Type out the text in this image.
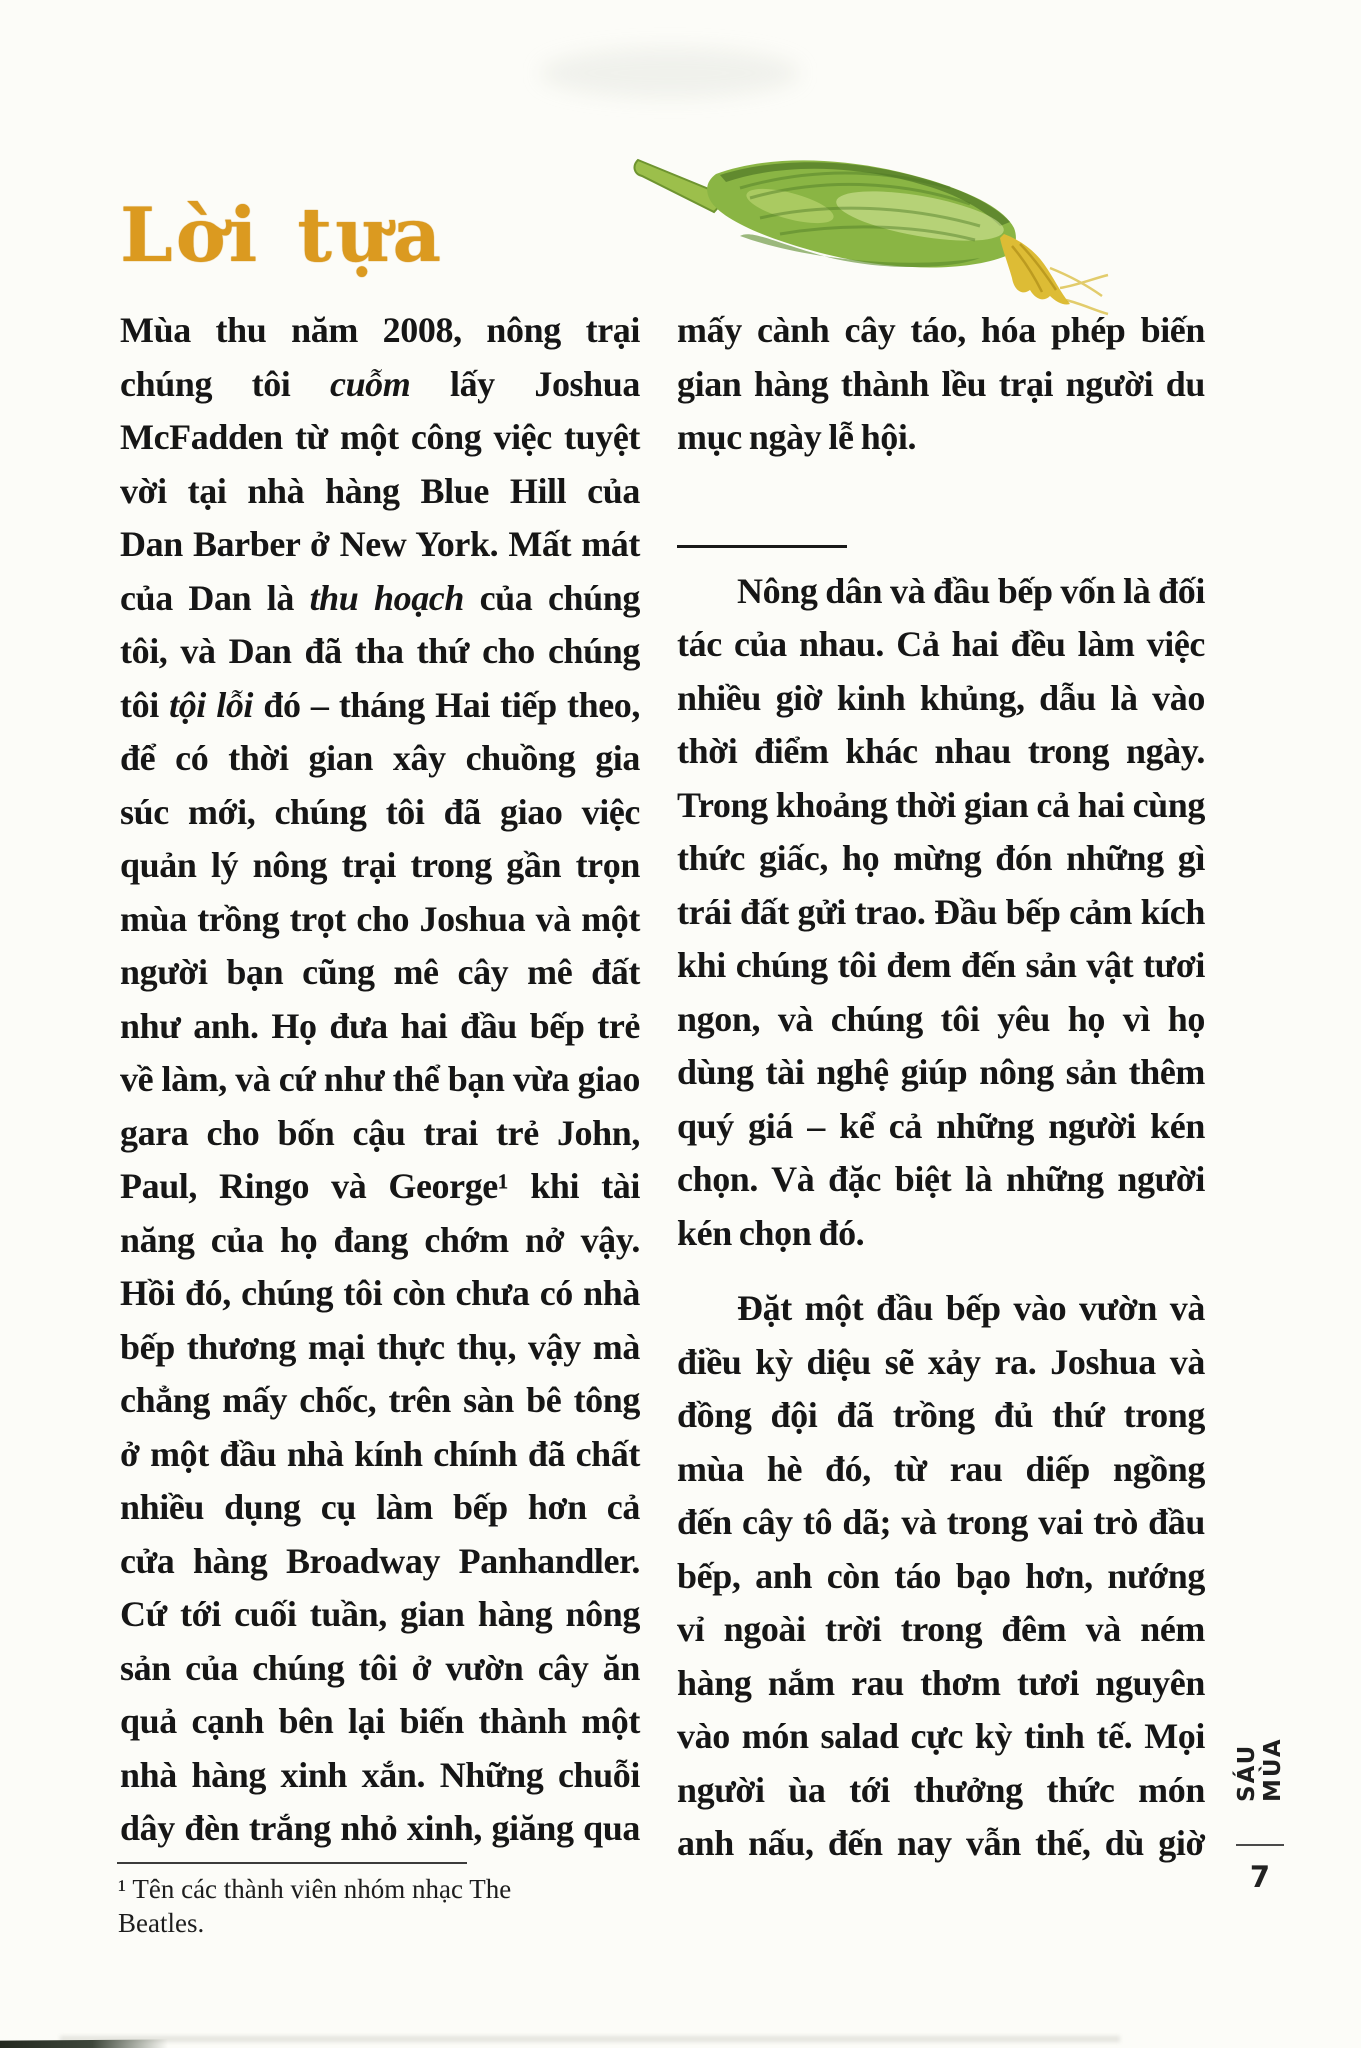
Lời tựa
Mùa thu năm 2008, nông trại
chúng tôi cuỗm lấy Joshua
McFadden từ một công việc tuyệt
vời tại nhà hàng Blue Hill của
Dan Barber ở New York. Mất mát
của Dan là thu hoạch của chúng
tôi, và Dan đã tha thứ cho chúng
tôi tội lỗi đó – tháng Hai tiếp theo,
để có thời gian xây chuồng gia
súc mới, chúng tôi đã giao việc
quản lý nông trại trong gần trọn
mùa trồng trọt cho Joshua và một
người bạn cũng mê cây mê đất
như anh. Họ đưa hai đầu bếp trẻ
về làm, và cứ như thể bạn vừa giao
gara cho bốn cậu trai trẻ John,
Paul, Ringo và George¹ khi tài
năng của họ đang chớm nở vậy.
Hồi đó, chúng tôi còn chưa có nhà
bếp thương mại thực thụ, vậy mà
chẳng mấy chốc, trên sàn bê tông
ở một đầu nhà kính chính đã chất
nhiều dụng cụ làm bếp hơn cả
cửa hàng Broadway Panhandler.
Cứ tới cuối tuần, gian hàng nông
sản của chúng tôi ở vườn cây ăn
quả cạnh bên lại biến thành một
nhà hàng xinh xắn. Những chuỗi
dây đèn trắng nhỏ xinh, giăng qua
mấy cành cây táo, hóa phép biến
gian hàng thành lều trại người du
mục ngày lễ hội.
Nông dân và đầu bếp vốn là đối
tác của nhau. Cả hai đều làm việc
nhiều giờ kinh khủng, dẫu là vào
thời điểm khác nhau trong ngày.
Trong khoảng thời gian cả hai cùng
thức giấc, họ mừng đón những gì
trái đất gửi trao. Đầu bếp cảm kích
khi chúng tôi đem đến sản vật tươi
ngon, và chúng tôi yêu họ vì họ
dùng tài nghệ giúp nông sản thêm
quý giá – kể cả những người kén
chọn. Và đặc biệt là những người
kén chọn đó.
Đặt một đầu bếp vào vườn và
điều kỳ diệu sẽ xảy ra. Joshua và
đồng đội đã trồng đủ thứ trong
mùa hè đó, từ rau diếp ngồng
đến cây tô dã; và trong vai trò đầu
bếp, anh còn táo bạo hơn, nướng
vỉ ngoài trời trong đêm và ném
hàng nắm rau thơm tươi nguyên
vào món salad cực kỳ tinh tế. Mọi
người ùa tới thưởng thức món
anh nấu, đến nay vẫn thế, dù giờ
¹ Tên các thành viên nhóm nhạc The Beatles.
SÁU MÙA
7
